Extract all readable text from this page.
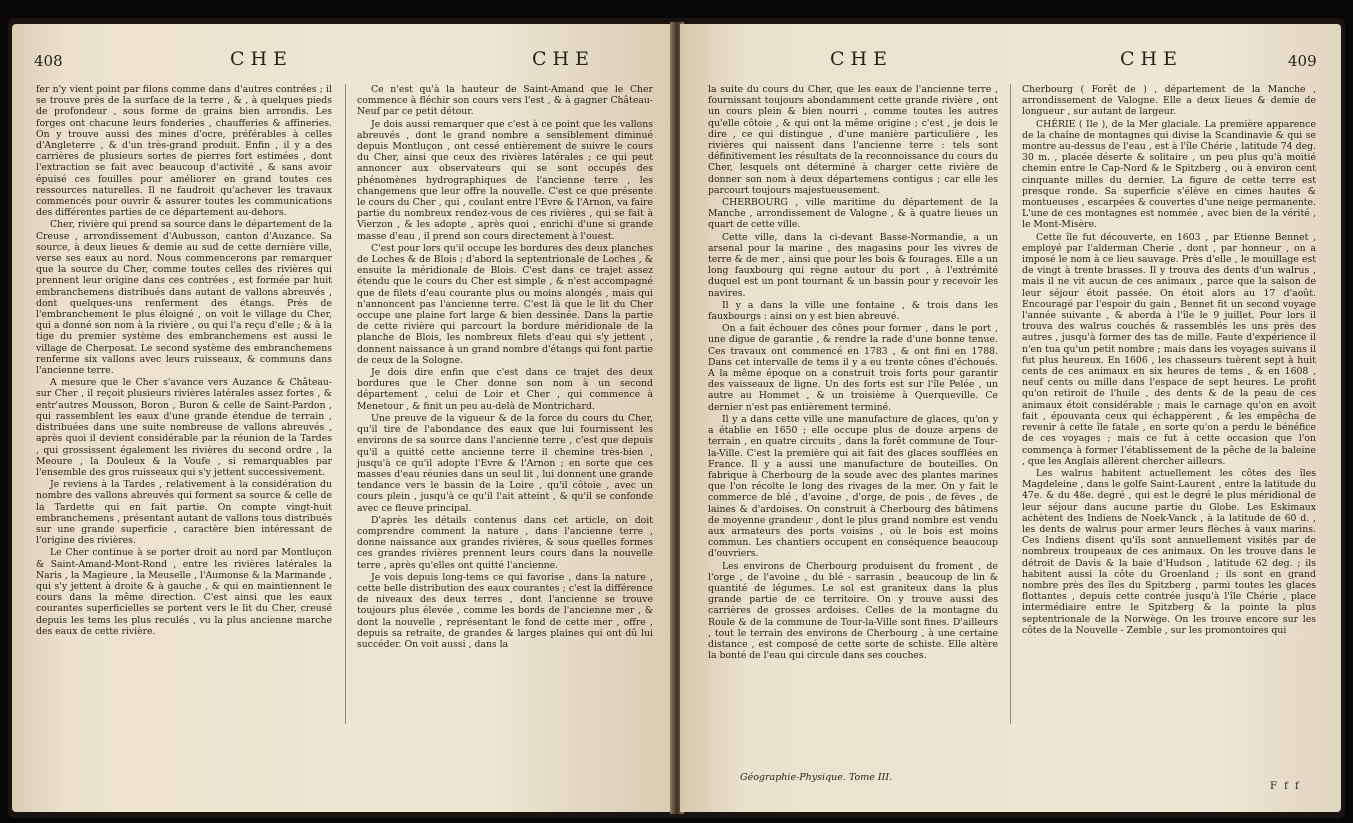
408	CHE	CHE

fer n'y vient point par filons comme dans d'autres contrées ; il se trouve près de la surface de la terre , & , à quelques pieds de profondeur , sous forme de grains bien arrondis. Les forges ont chacune leurs fonderies , chaufferies & affineries. On y trouve aussi des mines d'ocre, préférables à celles d'Angleterre , & d'un très-grand produit. Enfin , il y a des carrières de plusieurs sortes de pierres fort estimées , dont l'extraction se fait avec beaucoup d'activité , & sans avoir épuisé ces fouilles pour améliorer en grand toutes ces ressources naturelles. Il ne faudroit qu'achever les travaux commencés pour ouvrir & assurer toutes les communications des différentes parties de ce département au-dehors.

Cher, rivière qui prend sa source dans le département de la Creuse , arrondissement d'Aubusson, canton d'Auzance. Sa source, à deux lieues & demie au sud de cette dernière ville, verse ses eaux au nord. Nous commencerons par remarquer que la source du Cher, comme toutes celles des rivières qui prennent leur origine dans ces contrées , est formée par huit embranchemens distribués dans autant de vallons abreuvés , dont quelques-uns renferment des étangs. Près de l'embranchement le plus éloigné , on voit le village du Cher, qui a donné son nom à la rivière , ou qui l'a reçu d'elle ; & à la tige du premier système des embranchemens est aussi le village de Cherposat. Le second système des embranchemens renferme six vallons avec leurs ruisseaux, & communs dans l'ancienne terre.

A mesure que le Cher s'avance vers Auzance & Château-sur Cher , il reçoit plusieurs rivières latérales assez fortes , & entr'autres Mousson, Boron , Buron & celle de Saint-Pardon , qui rassemblent les eaux d'une grande étendue de terrain , distribuées dans une suite nombreuse de vallons abreuvés , après quoi il devient considérable par la réunion de la Tardes , qui grossissent également les rivières du second ordre , la Meoure , la Douleux & la Voufe , si remarquables par l'ensemble des gros ruisseaux qui s'y jettent successivement.

Je reviens à la Tardes , relativement à la considération du nombre des vallons abreuvés qui forment sa source & celle de la Tardette qui en fait partie. On compte vingt-huit embranchemens , présentant autant de vallons tous distribués sur une grande superficie , caractère bien intéressant de l'origine des rivières.

Le Cher continue à se porter droit au nord par Montluçon & Saint-Amand-Mont-Rond , entre les rivières latérales la Naris , la Magieure , la Meuselle , l'Aumonse & la Marmande , qui s'y jettent à droite & à gauche , & qui en maintiennent le cours dans la même direction. C'est ainsi que les eaux courantes superficielles se portent vers le lit du Cher, creusé depuis les tems les plus reculés , vu la plus ancienne marche des eaux de cette rivière.

Ce n'est qu'à la hauteur de Saint-Amand que le Cher commence à fléchir son cours vers l'est , & à gagner Château-Neuf par ce petit détour.

Je dois aussi remarquer que c'est à ce point que les vallons abreuvés , dont le grand nombre a sensiblement diminué depuis Montluçon , ont cessé entièrement de suivre le cours du Cher, ainsi que ceux des rivières latérales ; ce qui peut annoncer aux observateurs qui se sont occupés des phénomènes hydrographiques de l'ancienne terre , les changemens que leur offre la nouvelle. C'est ce que présente le cours du Cher , qui , coulant entre l'Evre & l'Arnon, va faire partie du nombreux rendez-vous de ces rivières , qui se fait à Vierzon , & les adopte , après quoi , enrichi d'une si grande masse d'eau , il prend son cours directement à l'ouest.

C'est pour lors qu'il occupe les bordures des deux planches de Loches & de Blois ; d'abord la septentrionale de Loches , & ensuite la méridionale de Blois. C'est dans ce trajet assez étendu que le cours du Cher est simple , & n'est accompagné que de filets d'eau courante plus ou moins alongés , mais qui n'annoncent pas l'ancienne terre. C'est là que le lit du Cher occupe une plaine fort large & bien dessinée. Dans la partie de cette rivière qui parcourt la bordure méridionale de la planche de Blois, les nombreux filets d'eau qui s'y jettent , donnent naissance à un grand nombre d'étangs qui font partie de ceux de la Sologne.

Je dois dire enfin que c'est dans ce trajet des deux bordures que le Cher donne son nom à un second département , celui de Loir et Cher , qui commence à Menetour , & finit un peu au-delà de Montrichard.

Une preuve de la vigueur & de la force du cours du Cher, qu'il tire de l'abondance des eaux que lui fournissent les environs de sa source dans l'ancienne terre , c'est que depuis qu'il a quitté cette ancienne terre il chemine très-bien , jusqu'à ce qu'il adopte l'Evre & l'Arnon ; en sorte que ces masses d'eau réunies dans un seul lit , lui donnent une grande tendance vers le bassin de la Loire , qu'il côtoie , avec un cours plein , jusqu'à ce qu'il l'ait atteint , & qu'il se confonde avec ce fleuve principal.

D'après les détails contenus dans cet article, on doit comprendre comment la nature , dans l'ancienne terre , donne naissance aux grandes rivières, & sous quelles formes ces grandes rivières prennent leurs cours dans la nouvelle terre , après qu'elles ont quitté l'ancienne.

Je vois depuis long-tems ce qui favorise , dans la nature , cette belle distribution des eaux courantes ; c'est la différence de niveaux des deux terres , dont l'ancienne se trouve toujours plus élevée , comme les bords de l'ancienne mer , & dont la nouvelle , représentant le fond de cette mer , offre , depuis sa retraite, de grandes & larges plaines qui ont dû lui succéder. On voit aussi , dans la

CHE	CHE	409

la suite du cours du Cher, que les eaux de l'ancienne terre , fournissant toujours abondamment cette grande rivière , ont un cours plein & bien nourri , comme toutes les autres qu'elle côtoie , & qui ont la même origine ; c'est , je dois le dire , ce qui distingue , d'une manière particulière , les rivières qui naissent dans l'ancienne terre : tels sont définitivement les résultats de la reconnoissance du cours du Cher, lesquels ont déterminé à charger cette rivière de donner son nom à deux départemens contigus ; car elle les parcourt toujours majestueusement.

CHERBOURG , ville maritime du département de la Manche , arrondissement de Valogne , & à quatre lieues un quart de cette ville.

Cette ville, dans la ci-devant Basse-Normandie, a un arsenal pour la marine , des magasins pour les vivres de terre & de mer , ainsi que pour les bois & fourages. Elle a un long fauxbourg qui règne autour du port , à l'extrémité duquel est un pont tournant & un bassin pour y recevoir les navires.

Il y a dans la ville une fontaine , & trois dans les fauxbourgs : ainsi on y est bien abreuvé.

On a fait échouer des cônes pour former , dans le port , une digue de garantie , & rendre la rade d'une bonne tenue. Ces travaux ont commencé en 1783 , & ont fini en 1788. Dans cet intervalle de tems il y a eu trente cônes d'échoués. A la même époque on a construit trois forts pour garantir des vaisseaux de ligne. Un des forts est sur l'île Pelée , un autre au Hommet , & un troisième à Querqueville. Ce dernier n'est pas entièrement terminé.

Il y a dans cette ville une manufacture de glaces, qu'on y a établie en 1650 ; elle occupe plus de douze arpens de terrain , en quatre circuits , dans la forêt commune de Tour-la-Ville. C'est la première qui ait fait des glaces soufflées en France. Il y a aussi une manufacture de bouteilles. On fabrique à Cherbourg de la soude avec des plantes marines que l'on récolte le long des rivages de la mer. On y fait le commerce de blé , d'avoine , d'orge, de pois , de fèves , de laines & d'ardoises. On construit à Cherbourg des bâtimens de moyenne grandeur , dont le plus grand nombre est vendu aux armateurs des ports voisins , où le bois est moins commun. Les chantiers occupent en conséquence beaucoup d'ouvriers.

Les environs de Cherbourg produisent du froment , de l'orge , de l'avoine , du blé - sarrasin , beaucoup de lin & quantité de légumes. Le sol est graniteux dans la plus grande partie de ce territoire. On y trouve aussi des carrières de grosses ardoises. Celles de la montagne du Roule & de la commune de Tour-la-Ville sont fines. D'ailleurs , tout le terrain des environs de Cherbourg , à une certaine distance , est composé de cette sorte de schiste. Elle altère la bonté de l'eau qui circule dans ses couches.

Cherbourg ( Forêt de ) , département de la Manche , arrondissement de Valogne. Elle a deux lieues & demie de longueur , sur autant de largeur.

CHÉRIE ( Ile ), de la Mer glaciale. La première apparence de la chaîne de montagnes qui divise la Scandinavie & qui se montre au-dessus de l'eau , est à l'île Chérie , latitude 74 deg. 30 m. , placée déserte & solitaire , un peu plus qu'à moitié chemin entre le Cap-Nord & le Spitzberg , ou à environ cent cinquante milles du dernier. La figure de cette terre est presque ronde. Sa superficie s'élève en cimes hautes & montueuses , escarpées & couvertes d'une neige permanente. L'une de ces montagnes est nommée , avec bien de la vérité , le Mont-Misère.

Cette île fut découverte, en 1603 , par Etienne Bennet , employé par l'alderman Cherie , dont , par honneur , on a imposé le nom à ce lieu sauvage. Près d'elle , le mouillage est de vingt à trente brasses. Il y trouva des dents d'un walrus , mais il ne vit aucun de ces animaux , parce que la saison de leur séjour étoit passée. On étoit alors au 17 d'août. Encouragé par l'espoir du gain , Bennet fit un second voyage l'année suivante , & aborda à l'île le 9 juillet. Pour lors il trouva des walrus couchés & rassemblés les uns près des autres , jusqu'à former des tas de mille. Faute d'expérience il n'en tua qu'un petit nombre ; mais dans les voyages suivans il fut plus heureux. En 1606 , les chasseurs tuèrent sept à huit cents de ces animaux en six heures de tems , & en 1608 , neuf cents ou mille dans l'espace de sept heures. Le profit qu'on retiroit de l'huile , des dents & de la peau de ces animaux étoit considérable ; mais le carnage qu'on en avoit fait , épouvanta ceux qui échappèrent , & les empêcha de revenir à cette île fatale , en sorte qu'on a perdu le bénéfice de ces voyages ; mais ce fut à cette occasion que l'on commença à former l'établissement de la pêche de la baleine , que les Anglais allèrent chercher ailleurs.

Les walrus habitent actuellement les côtes des îles Magdeleine , dans le golfe Saint-Laurent , entre la latitude du 47e. & du 48e. degré , qui est le degré le plus méridional de leur séjour dans aucune partie du Globe. Les Eskimaux achètent des Indiens de Noek-Vanck , à la latitude de 60 d. , les dents de walrus pour armer leurs flèches à vaux marins. Ces Indiens disent qu'ils sont annuellement visités par de nombreux troupeaux de ces animaux. On les trouve dans le détroit de Davis & la baie d'Hudson , latitude 62 deg. ; ils habitent aussi la côte du Groenland ; ils sont en grand nombre près des îles du Spitzberg , parmi toutes les glaces flottantes , depuis cette contrée jusqu'à l'île Chérie , place intermédiaire entre le Spitzberg & la pointe la plus septentrionale de la Norwège. On les trouve encore sur les côtes de la Nouvelle - Zemble , sur les promontoires qui

Géographie-Physique. Tome III.
F f f
